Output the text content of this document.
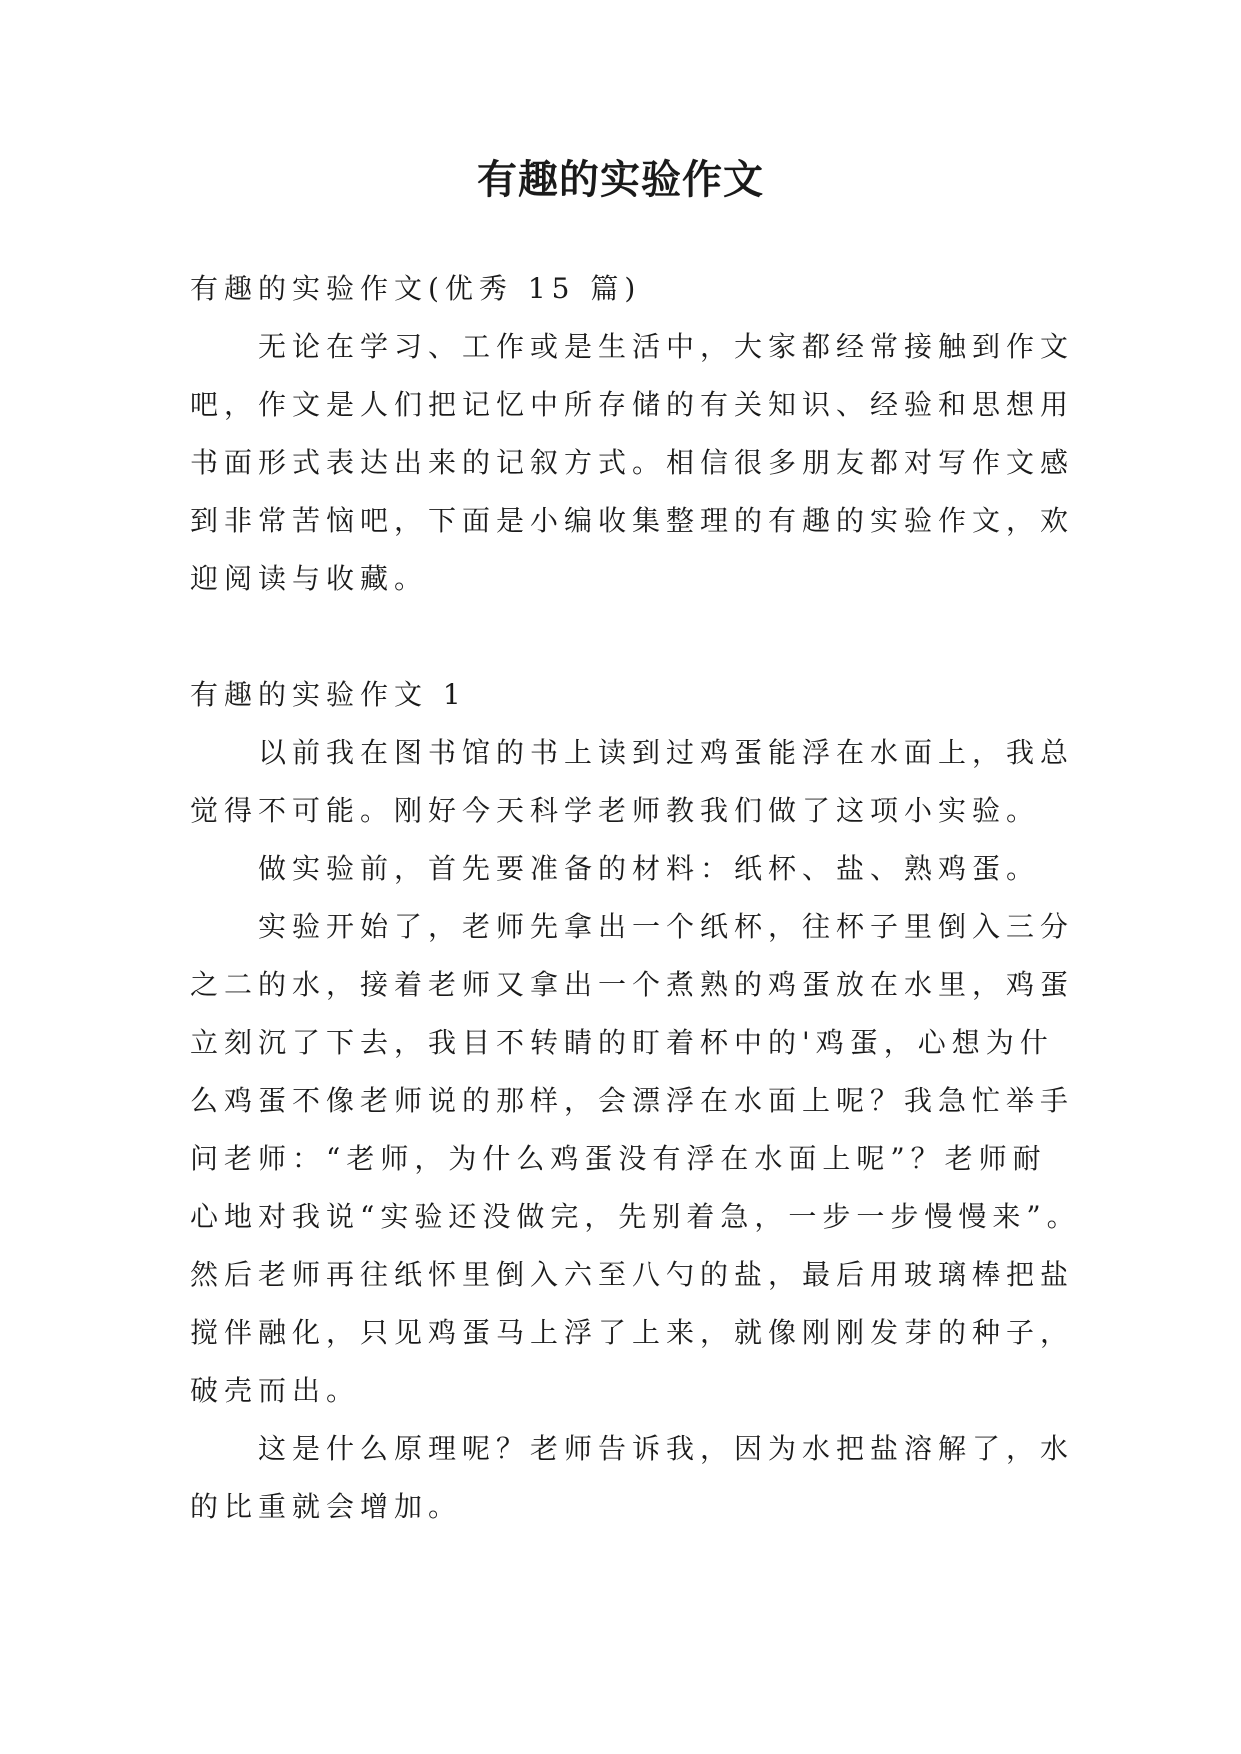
有趣的实验作文

有趣的实验作文(优秀 15 篇)

无论在学习、工作或是生活中，大家都经常接触到作文

吧，作文是人们把记忆中所存储的有关知识、经验和思想用

书面形式表达出来的记叙方式。相信很多朋友都对写作文感

到非常苦恼吧，下面是小编收集整理的有趣的实验作文，欢

迎阅读与收藏。

有趣的实验作文 1

以前我在图书馆的书上读到过鸡蛋能浮在水面上，我总

觉得不可能。刚好今天科学老师教我们做了这项小实验。

做实验前，首先要准备的材料：纸杯、盐、熟鸡蛋。

实验开始了，老师先拿出一个纸杯，往杯子里倒入三分

之二的水，接着老师又拿出一个煮熟的鸡蛋放在水里，鸡蛋

立刻沉了下去，我目不转睛的盯着杯中的'鸡蛋，心想为什

么鸡蛋不像老师说的那样，会漂浮在水面上呢？我急忙举手

问老师：“老师，为什么鸡蛋没有浮在水面上呢”？老师耐

心地对我说“实验还没做完，先别着急，一步一步慢慢来”。

然后老师再往纸怀里倒入六至八勺的盐，最后用玻璃棒把盐

搅伴融化，只见鸡蛋马上浮了上来，就像刚刚发芽的种子，

破壳而出。

这是什么原理呢？老师告诉我，因为水把盐溶解了，水

的比重就会增加。
